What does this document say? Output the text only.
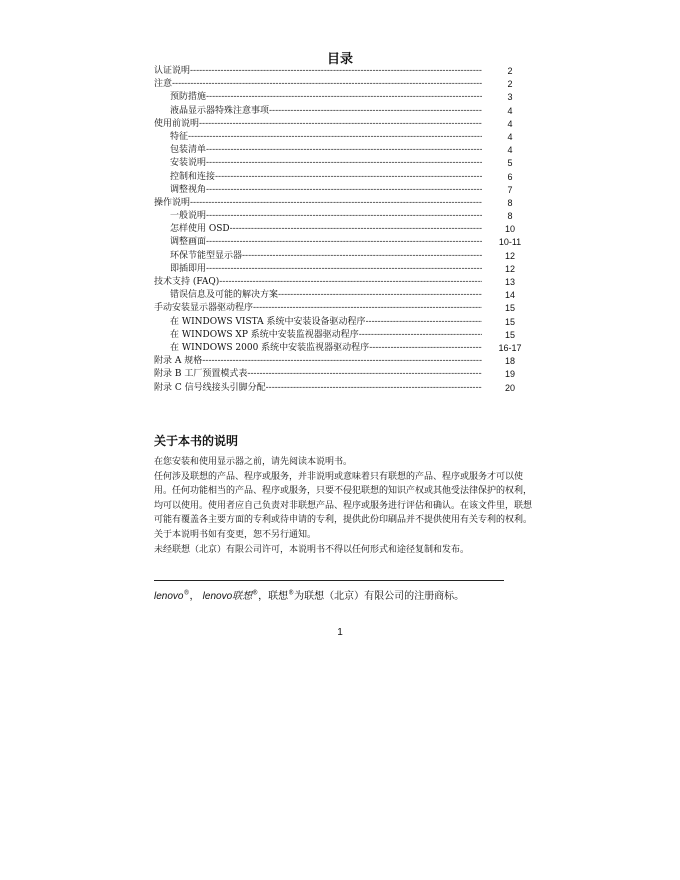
目录
认证说明 -----	2
注意 -----	2
预防措施 -----	3
液晶显示器特殊注意事项 -----	4
使用前说明 -----	4
特征 -----	4
包装清单 -----	4
安装说明 -----	5
控制和连接 -----	6
调整视角 -----	7
操作说明 -----	8
一般说明 -----	8
怎样使用 OSD -----	10
调整画面 -----	10-11
环保节能型显示器 -----	12
即插即用 -----	12
技术支持 (FAQ) -----	13
错误信息及可能的解决方案 -----	14
手动安装显示器驱动程序 -----	15
在 WINDOWS VISTA 系统中安装设备驱动程序 -----	15
在 WINDOWS XP 系统中安装监视器驱动程序 -----	15
在 WINDOWS 2000 系统中安装监视器驱动程序 -----	16-17
附录 A 规格 -----	18
附录 B 工厂预置模式表 -----	19
附录 C 信号线接头引脚分配 -----	20
关于本书的说明

在您安装和使用显示器之前，请先阅读本说明书。

任何涉及联想的产品、程序或服务，并非说明或意味着只有联想的产品、程序或服务才可以使用。任何功能相当的产品、程序或服务，只要不侵犯联想的知识产权或其他受法律保护的权利，均可以使用。使用者应自己负责对非联想产品、程序或服务进行评估和确认。在该文件里，联想可能有覆盖各主要方面的专利或待申请的专利，提供此份印刷品并不提供使用有关专利的权利。

关于本说明书如有变更，恕不另行通知。

未经联想（北京）有限公司许可，本说明书不得以任何形式和途径复制和发布。

lenovo®， lenovo联想®，联想®为联想（北京）有限公司的注册商标。
1
